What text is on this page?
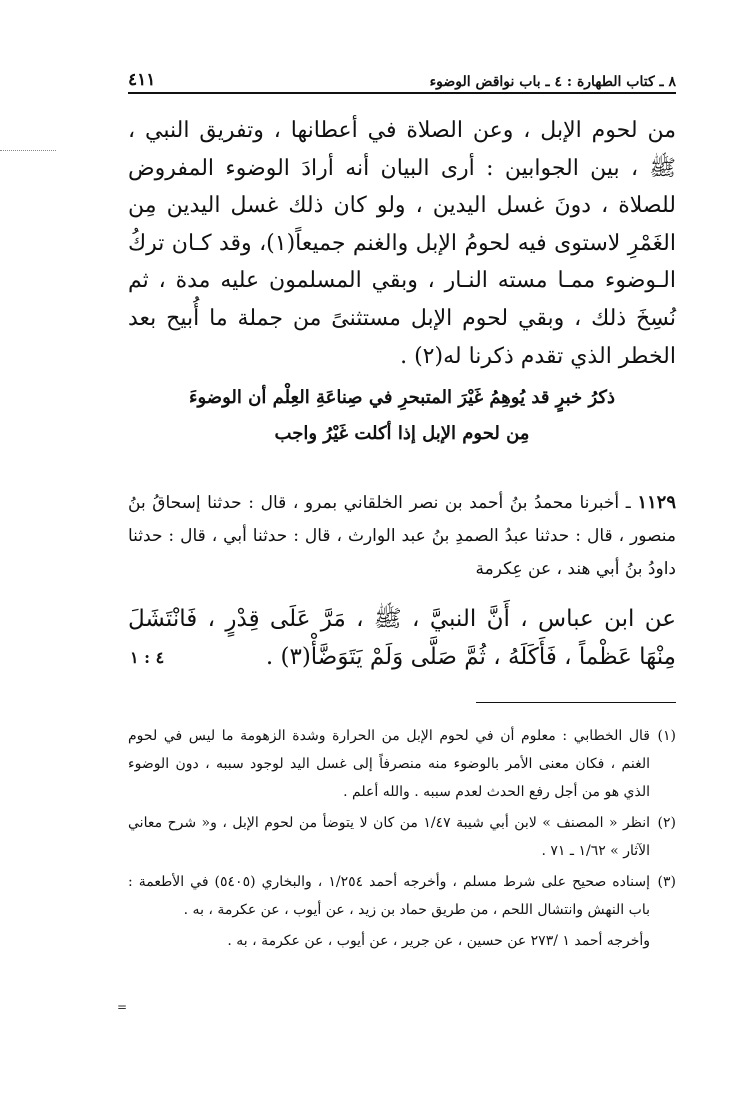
٨ ـ كتاب الطهارة : ٤ ـ باب نواقض الوضوء
٤١١

من لحوم الإبل ، وعن الصلاة في أعطانها ، وتفريق النبي ، ﷺ ، بين الجوابين : أرى البيان أنه أرادَ الوضوء المفروض للصلاة ، دونَ غسل اليدين ، ولو كان ذلك غسل اليدين مِن الغَمْرِ لاستوى فيه لحومُ الإبل والغنم جميعاً(١)، وقد كـان تركُ الـوضوء ممـا مسته النـار ، وبقي المسلمون عليه مدة ، ثم نُسِخَ ذلك ، وبقي لحوم الإبل مستثنىً من جملة ما أُبيح بعد الخطر الذي تقدم ذكرنا له(٢) .

ذكرُ خبرٍ قد يُوهِمُ غَيْرَ المتبحرِ في صِناعَةِ العِلْم أن الوضوءَ
مِن لحوم الإبل إذا أكلت غَيْرُ واجب

١١٢٩ ـ أخبرنا محمدُ بنُ أحمد بن نصر الخلقاني بمرو ، قال : حدثنا إسحاقُ بنُ منصور ، قال : حدثنا عبدُ الصمدِ بنُ عبد الوارث ، قال : حدثنا أبي ، قال : حدثنا داودُ بنُ أبي هند ، عن عِكرمة

عن ابن عباس ، أَنَّ النبيَّ ، ﷺ ، مَرَّ عَلَى قِدْرٍ ، فَانْتَشَلَ مِنْهَا عَظْماً ، فَأَكَلَهُ ، ثُمَّ صَلَّى وَلَمْ يَتَوَضَّأْ(٣) .

٤ : ١
(١)
قال الخطابي : معلوم أن في لحوم الإبل من الحرارة وشدة الزهومة ما ليس في لحوم الغنم ، فكان معنى الأمر بالوضوء منه منصرفاً إلى غسل اليد لوجود سببه ، دون الوضوء الذي هو من أجل رفع الحدث لعدم سببه . والله أعلم .
(٢)
انظر « المصنف » لابن أبي شيبة ١/٤٧ من كان لا يتوضأ من لحوم الإبل ، و« شرح معاني الآثار » ١/٦٢ ـ ٧١ .
(٣)
إسناده صحيح على شرط مسلم ، وأخرجه أحمد ١/٢٥٤ ، والبخاري (٥٤٠٥) في الأطعمة : باب النهش وانتشال اللحم ، من طريق حماد بن زيد ، عن أيوب ، عن عكرمة ، به .
وأخرجه أحمد ١ /٢٧٣ عن حسين ، عن جرير ، عن أيوب ، عن عكرمة ، به .
=
